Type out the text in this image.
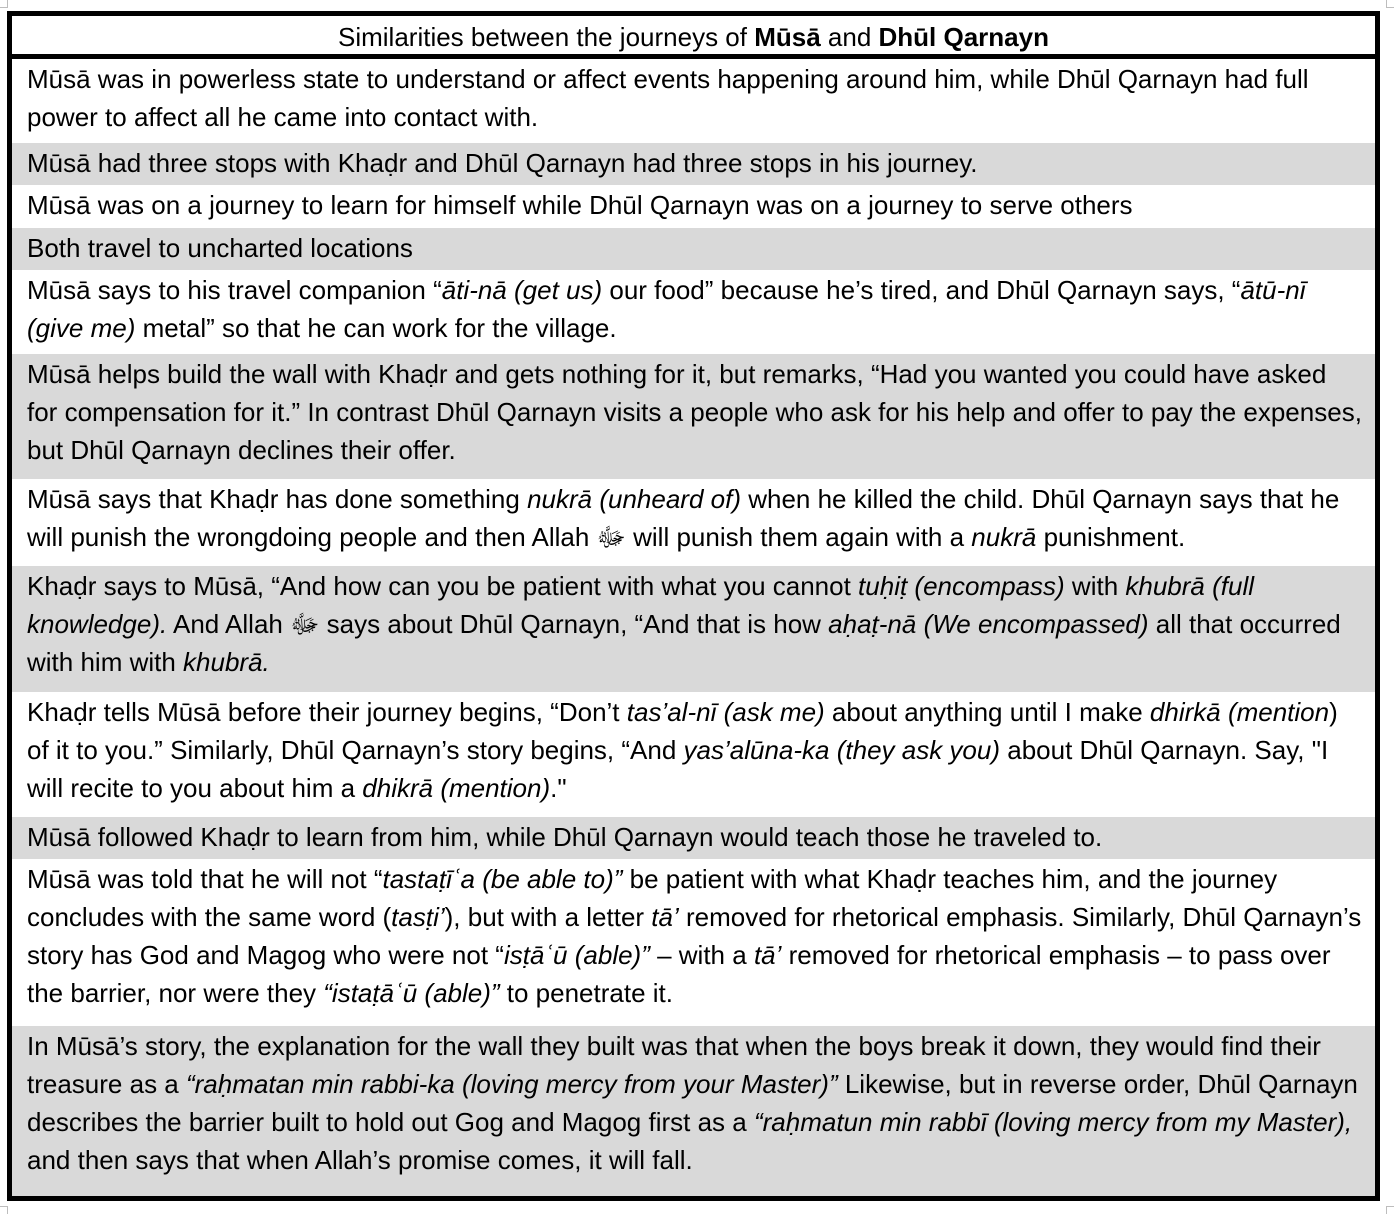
Similarities between the journeys of Mūsā and Dhūl Qarnayn
Mūsā was in powerless state to understand or affect events happening around him, while Dhūl Qarnayn had full power to affect all he came into contact with.
Mūsā had three stops with Khaḍr and Dhūl Qarnayn had three stops in his journey.
Mūsā was on a journey to learn for himself while Dhūl Qarnayn was on a journey to serve others
Both travel to uncharted locations
Mūsā says to his travel companion “āti-nā (get us) our food” because he’s tired, and Dhūl Qarnayn says, “ātū-nī (give me) metal” so that he can work for the village.
Mūsā helps build the wall with Khaḍr and gets nothing for it, but remarks, “Had you wanted you could have asked for compensation for it.” In contrast Dhūl Qarnayn visits a people who ask for his help and offer to pay the expenses, but Dhūl Qarnayn declines their offer.
Mūsā says that Khaḍr has done something nukrā (unheard of) when he killed the child. Dhūl Qarnayn says that he will punish the wrongdoing people and then Allah ﷻ will punish them again with a nukrā punishment.
Khaḍr says to Mūsā, “And how can you be patient with what you cannot tuḥiṭ (encompass) with khubrā (full knowledge). And Allah ﷻ says about Dhūl Qarnayn, “And that is how aḥaṭ-nā (We encompassed) all that occurred with him with khubrā.
Khaḍr tells Mūsā before their journey begins, “Don’t tas’al-nī (ask me) about anything until I make dhirkā (mention) of it to you.” Similarly, Dhūl Qarnayn’s story begins, “And yas’alūna-ka (they ask you) about Dhūl Qarnayn. Say, "I will recite to you about him a dhikrā (mention)."
Mūsā followed Khaḍr to learn from him, while Dhūl Qarnayn would teach those he traveled to.
Mūsā was told that he will not “tastaṭīʿa (be able to)” be patient with what Khaḍr teaches him, and the journey concludes with the same word (tasṭi’), but with a letter tā’ removed for rhetorical emphasis. Similarly, Dhūl Qarnayn’s story has God and Magog who were not “isṭāʿū (able)” – with a tā’ removed for rhetorical emphasis – to pass over the barrier, nor were they “istaṭāʿū (able)” to penetrate it.
In Mūsā’s story, the explanation for the wall they built was that when the boys break it down, they would find their treasure as a “raḥmatan min rabbi-ka (loving mercy from your Master)” Likewise, but in reverse order, Dhūl Qarnayn describes the barrier built to hold out Gog and Magog first as a “raḥmatun min rabbī (loving mercy from my Master), and then says that when Allah’s promise comes, it will fall.
